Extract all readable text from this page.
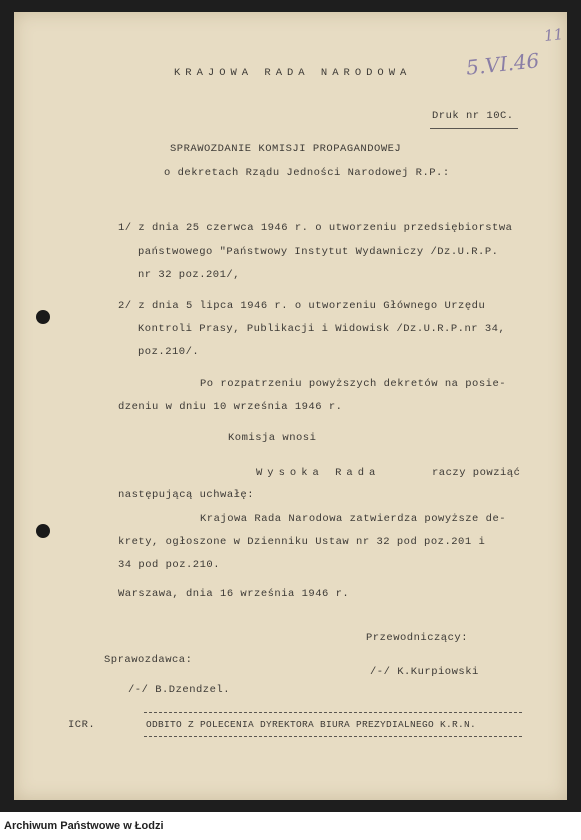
KRAJOWA RADA NARODOWA	5.VI.46
11
Druk nr 10C.
SPRAWOZDANIE KOMISJI PROPAGANDOWEJ
o dekretach Rządu Jedności Narodowej R.P.:
1/ z dnia 25 czerwca 1946 r. o utworzeniu przedsiębiorstwa
państwowego "Państwowy Instytut Wydawniczy /Dz.U.R.P.
nr 32 poz.201/,
2/ z dnia 5 lipca 1946 r. o utworzeniu Głównego Urzędu
Kontroli Prasy, Publikacji i Widowisk /Dz.U.R.P.nr 34,
poz.210/.
Po rozpatrzeniu powyższych dekretów na posie-
dzeniu w dniu 10 września 1946 r.
Komisja wnosi
Wysoka Rada	raczy powziąć
następującą uchwałę:
Krajowa Rada Narodowa zatwierdza powyższe de-
krety, ogłoszone w Dzienniku Ustaw nr 32 pod poz.201 i
34 pod poz.210.
Warszawa, dnia 16 września 1946 r.
Przewodniczący:
Sprawozdawca:
/-/ K.Kurpiowski
/-/ B.Dzendzel.
ICR.	ODBITO Z POLECENIA DYREKTORA BIURA PREZYDIALNEGO K.R.N.
Archiwum Państwowe w Łodzi
